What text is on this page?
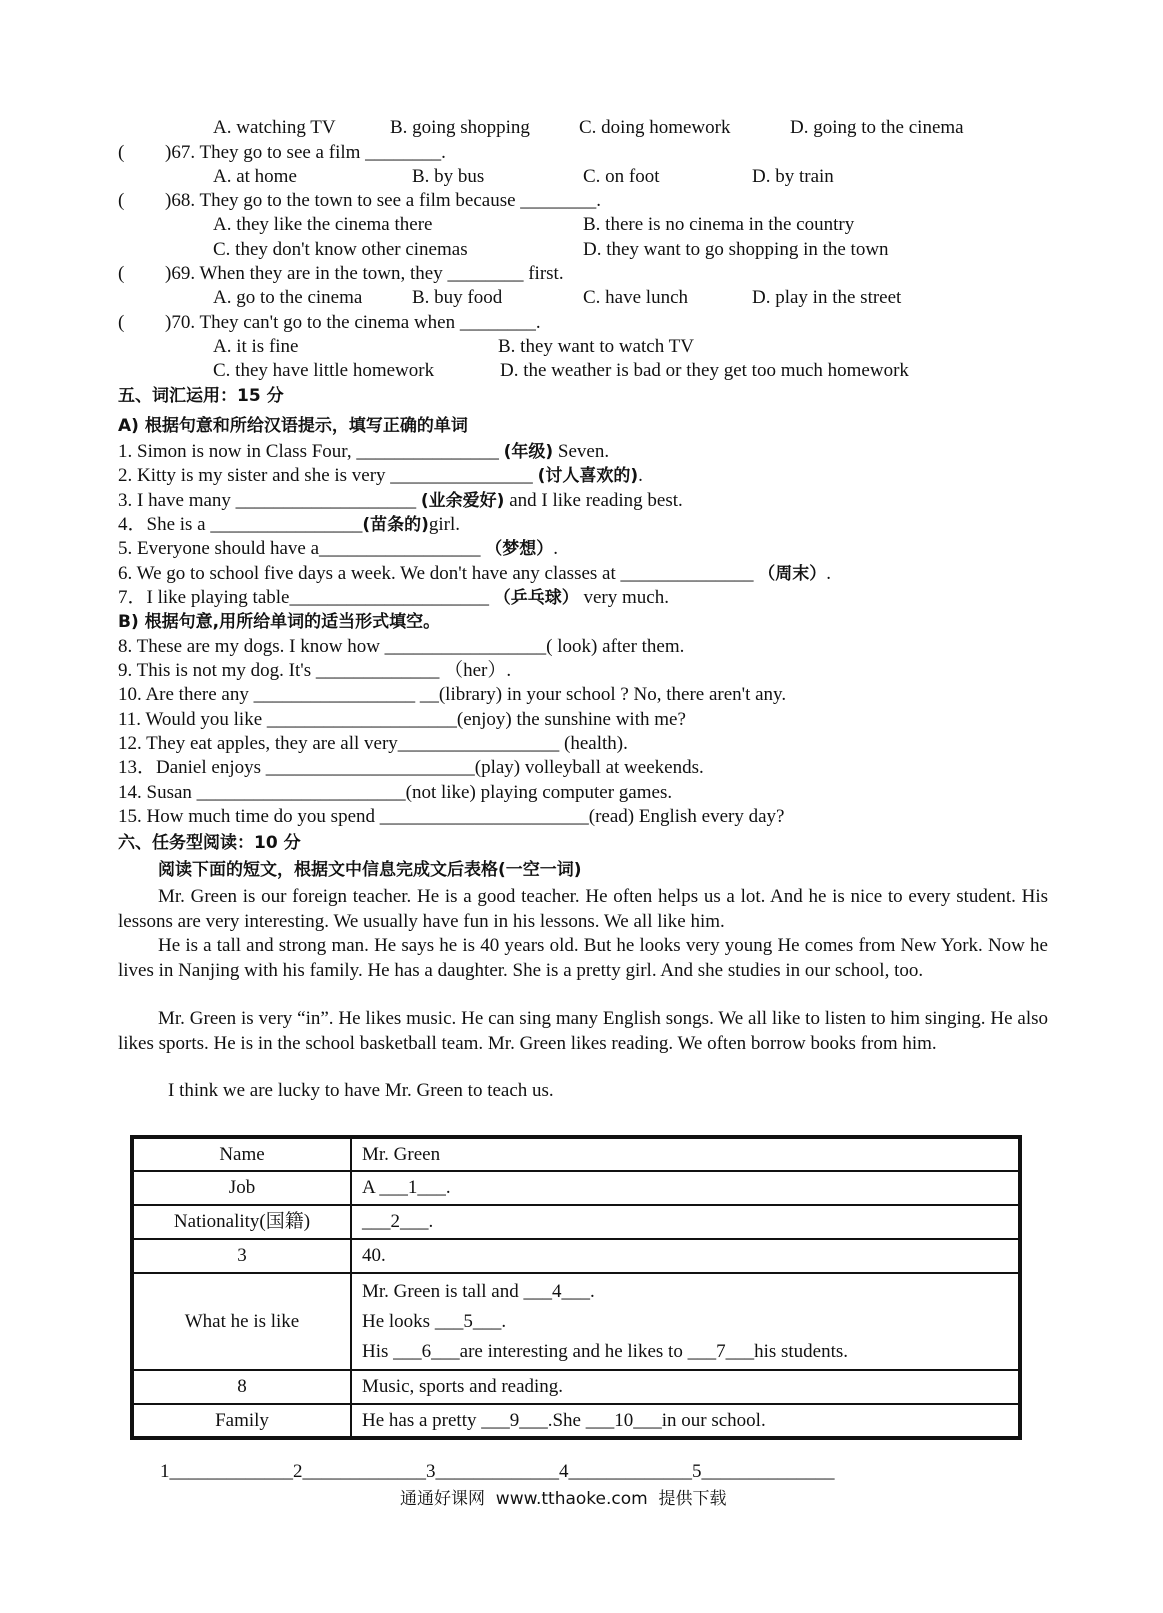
A. watching TV	B. going shopping	C. doing homework	D. going to the cinema
( )67. They go to see a film ________.
A. at home	B. by bus	C. on foot	D. by train
( )68. They go to the town to see a film because ________.
A. they like the cinema there	B. there is no cinema in the country
C. they don't know other cinemas	D. they want to go shopping in the town
( )69. When they are in the town, they ________ first.
A. go to the cinema	B. buy food	C. have lunch	D. play in the street
( )70. They can't go to the cinema when ________.
A. it is fine	B. they want to watch TV
C. they have little homework	D. the weather is bad or they get too much homework
五、词汇运用：15 分
A) 根据句意和所给汉语提示，填写正确的单词
1. Simon is now in Class Four, _______________ (年级) Seven.
2. Kitty is my sister and she is very _______________ (讨人喜欢的).
3. I have many ___________________ (业余爱好) and I like reading best.
4．She is a ________________(苗条的)girl.
5. Everyone should have a_________________ （梦想）.
6. We go to school five days a week. We don't have any classes at ______________ （周末）.
7．I like playing table_____________________ （乒乓球） very much.
B) 根据句意,用所给单词的适当形式填空。
8. These are my dogs. I know how _________________( look) after them.
9. This is not my dog. It's _____________ （her）.
10. Are there any _________________ __(library) in your school ? No, there aren't any.
11. Would you like ____________________(enjoy) the sunshine with me?
12. They eat apples, they are all very_________________ (health).
13．Daniel enjoys ______________________(play) volleyball at weekends.
14. Susan ______________________(not like) playing computer games.
15. How much time do you spend ______________________(read) English every day?
六、任务型阅读：10 分
阅读下面的短文，根据文中信息完成文后表格(一空一词)
Mr. Green is our foreign teacher. He is a good teacher. He often helps us a lot. And he is nice to every student. His lessons are very interesting. We usually have fun in his lessons. We all like him.
He is a tall and strong man. He says he is 40 years old. But he looks very young He comes from New York. Now he lives in Nanjing with his family. He has a daughter. She is a pretty girl. And she studies in our school, too.
Mr. Green is very “in”. He likes music. He can sing many English songs. We all like to listen to him singing. He also likes sports. He is in the school basketball team. Mr. Green likes reading. We often borrow books from him.
I think we are lucky to have Mr. Green to teach us.
Name	Mr. Green
Job	A ___1___.
Nationality(国籍)	___2___.
3	40.
What he is like	Mr. Green is tall and ___4___.
He looks ___5___.
His ___6___are interesting and he likes to ___7___his students.

8	Music, sports and reading.
Family	He has a pretty ___9___.She ___10___in our school.
1_____________2_____________3_____________4_____________5______________
通通好课网  www.tthaoke.com  提供下载
